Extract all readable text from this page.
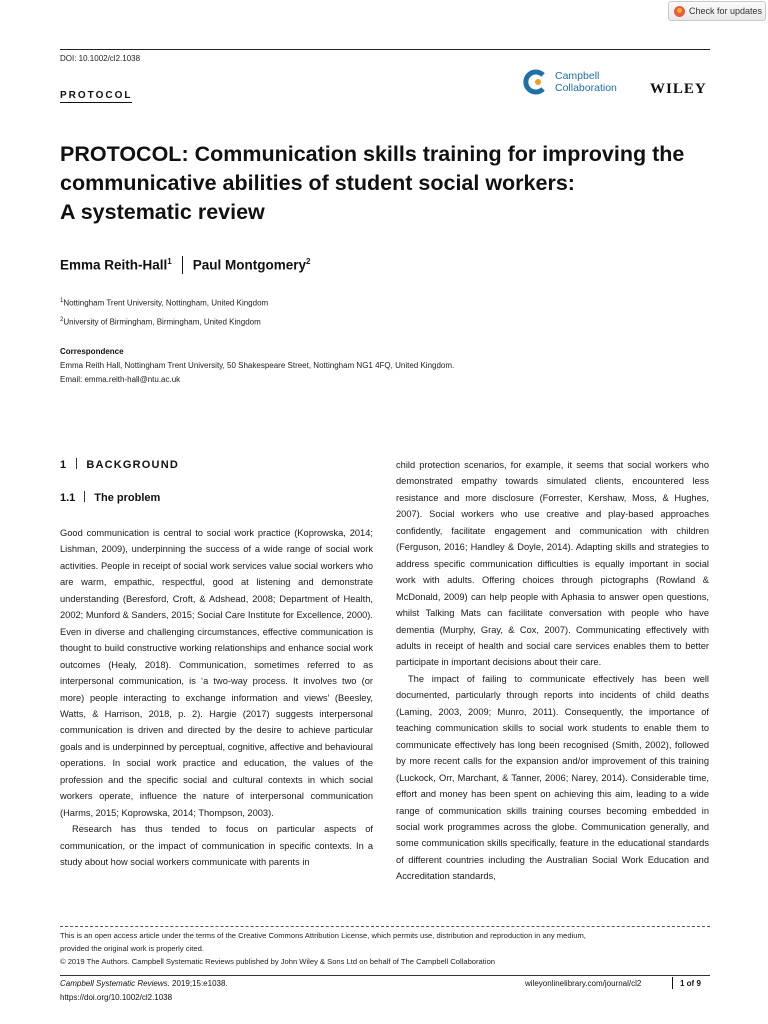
Check for updates
DOI: 10.1002/cl2.1038
PROTOCOL
Campbell
Collaboration WILEY
PROTOCOL: Communication skills training for improving the
communicative abilities of student social workers:
A systematic review
Emma Reith-Hall$^1$ Paul Montgomery$^2$
$^1$Nottingham Trent University, Nottingham, United Kingdom
$^2$University of Birmingham, Birmingham, United Kingdom
Correspondence
Emma Reith Hall, Nottingham Trent University, 50 Shakespeare Street, Nottingham NG1 4FQ, United Kingdom.
Email: emma.reith-hall@ntu.ac.uk
1 BACKGROUND
1.1 The problem

Good communication is central to social work practice (Koprowska, 2014; Lishman, 2009), underpinning the success of a wide range of social work activities. People in receipt of social work services value social workers who are warm, empathic, respectful, good at listening and demonstrate understanding (Beresford, Croft, & Adshead, 2008; Department of Health, 2002; Munford & Sanders, 2015; Social Care Institute for Excellence, 2000). Even in diverse and challenging circumstances, effective communication is thought to build constructive working relationships and enhance social work outcomes (Healy, 2018). Communication, sometimes referred to as interpersonal communication, is ‘a two-way process. It involves two (or more) people interacting to exchange information and views’ (Beesley, Watts, & Harrison, 2018, p. 2). Hargie (2017) suggests interpersonal communication is driven and directed by the desire to achieve particular goals and is underpinned by perceptual, cognitive, affective and behavioural operations. In social work practice and education, the values of the profession and the specific social and cultural contexts in which social workers operate, influence the nature of interpersonal communication (Harms, 2015; Koprowska, 2014; Thompson, 2003).

Research has thus tended to focus on particular aspects of communication, or the impact of communication in specific contexts. In a study about how social workers communicate with parents in

child protection scenarios, for example, it seems that social workers who demonstrated empathy towards simulated clients, encountered less resistance and more disclosure (Forrester, Kershaw, Moss, & Hughes, 2007). Social workers who use creative and play-based approaches confidently, facilitate engagement and communication with children (Ferguson, 2016; Handley & Doyle, 2014). Adapting skills and strategies to address specific communication difficulties is equally important in social work with adults. Offering choices through pictographs (Rowland & McDonald, 2009) can help people with Aphasia to answer open questions, whilst Talking Mats can facilitate conversation with people who have dementia (Murphy, Gray, & Cox, 2007). Communicating effectively with adults in receipt of health and social care services enables them to better participate in important decisions about their care.

The impact of failing to communicate effectively has been well documented, particularly through reports into incidents of child deaths (Laming, 2003, 2009; Munro, 2011). Consequently, the importance of teaching communication skills to social work students to enable them to communicate effectively has long been recognised (Smith, 2002), followed by more recent calls for the expansion and/or improvement of this training (Luckock, Orr, Marchant, & Tanner, 2006; Narey, 2014). Considerable time, effort and money has been spent on achieving this aim, leading to a wide range of communication skills training courses becoming embedded in social work programmes across the globe. Communication generally, and some communication skills specifically, feature in the educational standards of different countries including the Australian Social Work Education and Accreditation standards,

This is an open access article under the terms of the Creative Commons Attribution License, which permits use, distribution and reproduction in any medium,
provided the original work is properly cited.
© 2019 The Authors. Campbell Systematic Reviews published by John Wiley & Sons Ltd on behalf of The Campbell Collaboration
Campbell Systematic Reviews. 2019;15:e1038.
https://doi.org/10.1002/cl2.1038
wileyonlinelibrary.com/journal/cl2	1 of 9
